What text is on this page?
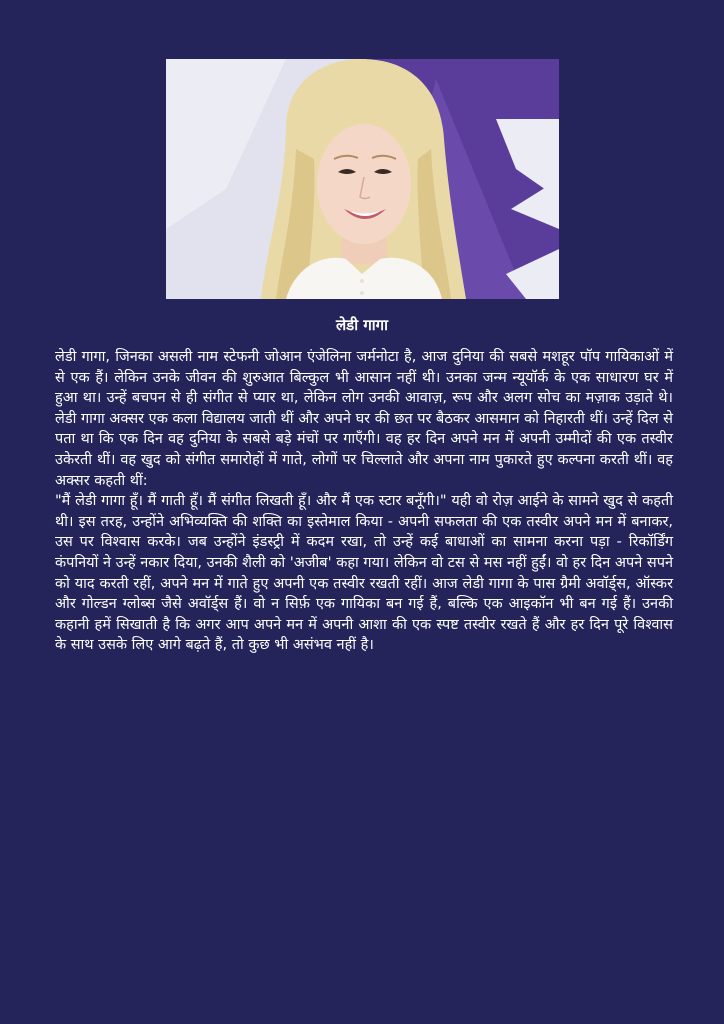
लेडी गागा

लेडी गागा, जिनका असली नाम स्टेफनी जोआन एंजेलिना जर्मनोटा है, आज दुनिया की सबसे मशहूर पॉप गायिकाओं में से एक हैं। लेकिन उनके जीवन की शुरुआत बिल्कुल भी आसान नहीं थी। उनका जन्म न्यूयॉर्क के एक साधारण घर में हुआ था। उन्हें बचपन से ही संगीत से प्यार था, लेकिन लोग उनकी आवाज़, रूप और अलग सोच का मज़ाक उड़ाते थे। लेडी गागा अक्सर एक कला विद्यालय जाती थीं और अपने घर की छत पर बैठकर आसमान को निहारती थीं। उन्हें दिल से पता था कि एक दिन वह दुनिया के सबसे बड़े मंचों पर गाएँगी। वह हर दिन अपने मन में अपनी उम्मीदों की एक तस्वीर उकेरती थीं। वह खुद को संगीत समारोहों में गाते, लोगों पर चिल्लाते और अपना नाम पुकारते हुए कल्पना करती थीं। वह अक्सर कहती थीं:

"मैं लेडी गागा हूँ। मैं गाती हूँ। मैं संगीत लिखती हूँ। और मैं एक स्टार बनूँगी।" यही वो रोज़ आईने के सामने खुद से कहती थी। इस तरह, उन्होंने अभिव्यक्ति की शक्ति का इस्तेमाल किया - अपनी सफलता की एक तस्वीर अपने मन में बनाकर, उस पर विश्वास करके। जब उन्होंने इंडस्ट्री में कदम रखा, तो उन्हें कई बाधाओं का सामना करना पड़ा - रिकॉर्डिंग कंपनियों ने उन्हें नकार दिया, उनकी शैली को 'अजीब' कहा गया। लेकिन वो टस से मस नहीं हुईं। वो हर दिन अपने सपने को याद करती रहीं, अपने मन में गाते हुए अपनी एक तस्वीर रखती रहीं। आज लेडी गागा के पास ग्रैमी अवॉर्ड्स, ऑस्कर और गोल्डन ग्लोब्स जैसे अवॉर्ड्स हैं। वो न सिर्फ़ एक गायिका बन गई हैं, बल्कि एक आइकॉन भी बन गई हैं। उनकी कहानी हमें सिखाती है कि अगर आप अपने मन में अपनी आशा की एक स्पष्ट तस्वीर रखते हैं और हर दिन पूरे विश्वास के साथ उसके लिए आगे बढ़ते हैं, तो कुछ भी असंभव नहीं है।
